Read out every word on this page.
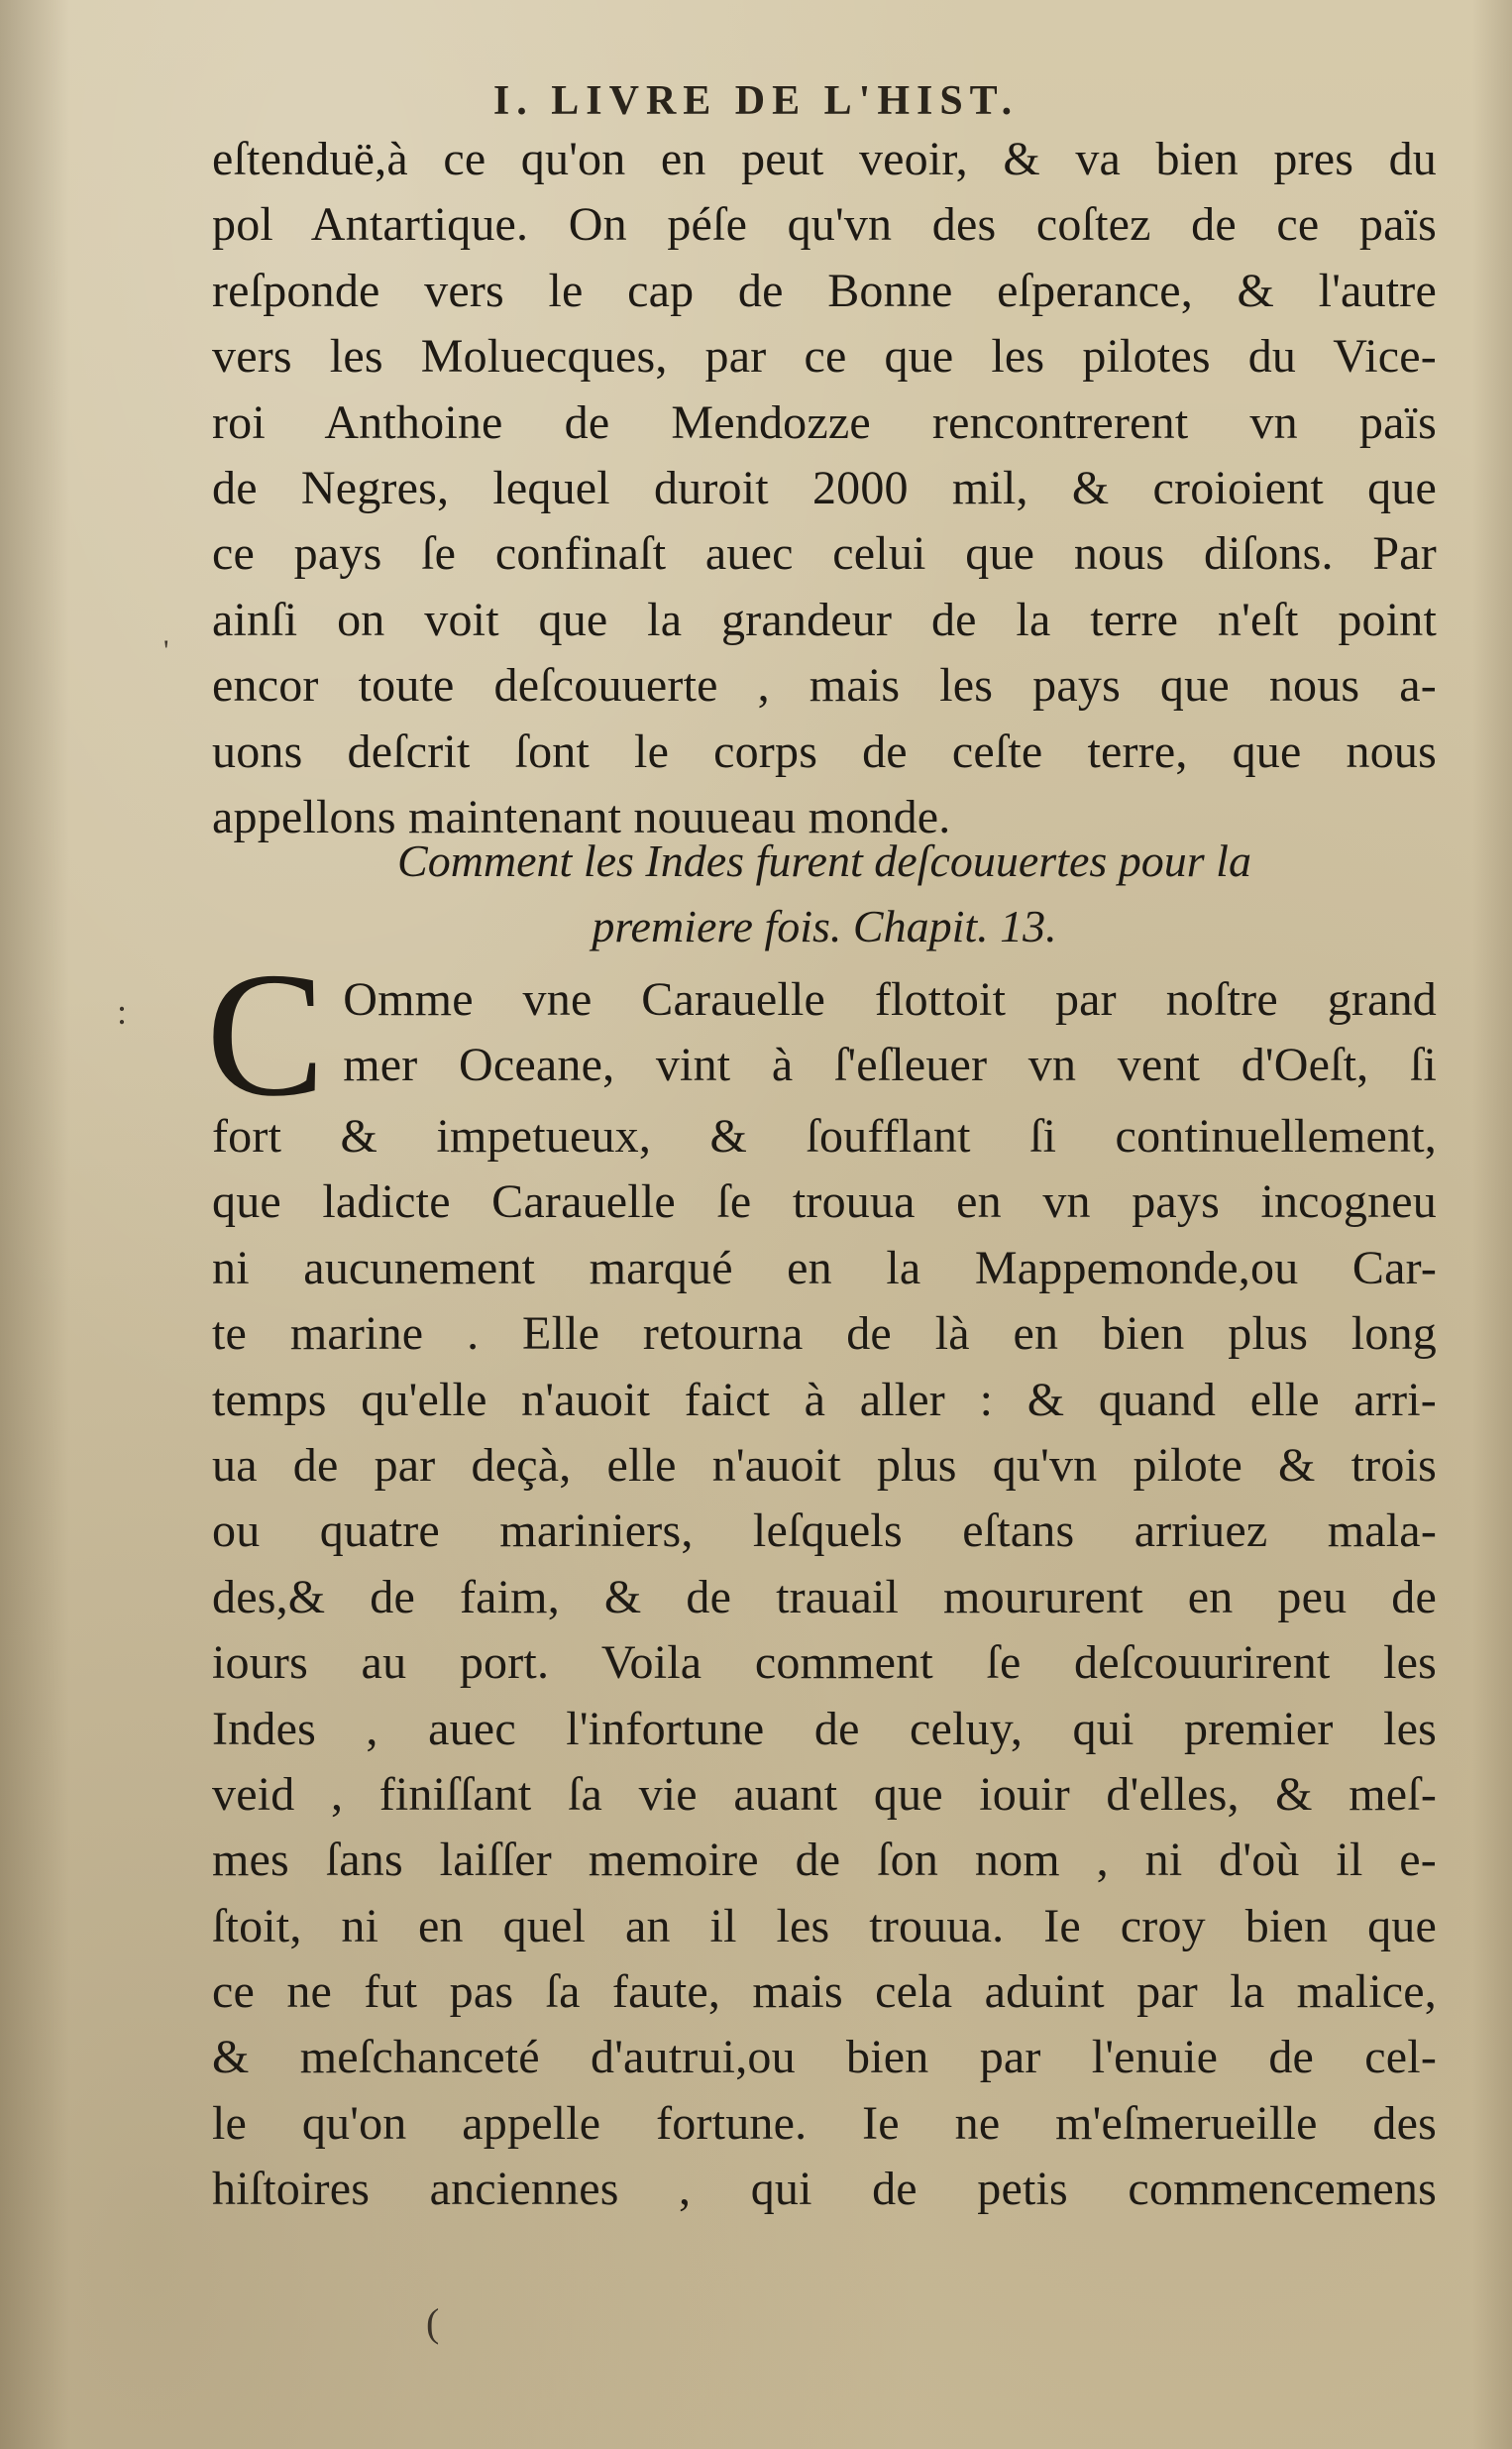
I. LIVRE DE L'HIST.
eſtenduë,à ce qu'on en peut veoir, & va bien pres du
pol Antartique. On péſe qu'vn des coſtez de ce païs
reſponde vers le cap de Bonne eſperance, & l'autre
vers les Moluecques, par ce que les pilotes du Vice-
roi Anthoine de Mendozze rencontrerent vn païs
de Negres, lequel duroit 2000 mil, & croioient que
ce pays ſe confinaſt auec celui que nous diſons. Par
ainſi on voit que la grandeur de la terre n'eſt point
encor toute deſcouuerte , mais les pays que nous a-
uons deſcrit ſont le corps de ceſte terre, que nous
appellons maintenant nouueau monde.
Comment les Indes furent deſcouuertes pour la
premiere fois. Chapit. 13.
C Omme vne Carauelle flottoit par noſtre grand
mer Oceane, vint à ſ'eſleuer vn vent d'Oeſt, ſi
fort & impetueux, & ſoufflant ſi continuellement,
que ladicte Carauelle ſe trouua en vn pays incogneu
ni aucunement marqué en la Mappemonde,ou Car-
te marine . Elle retourna de là en bien plus long
temps qu'elle n'auoit faict à aller : & quand elle arri-
ua de par deçà, elle n'auoit plus qu'vn pilote & trois
ou quatre mariniers, leſquels eſtans arriuez mala-
des,& de faim, & de trauail moururent en peu de
iours au port. Voila comment ſe deſcouurirent les
Indes , auec l'infortune de celuy, qui premier les
veid , finiſſant ſa vie auant que iouir d'elles, & meſ-
mes ſans laiſſer memoire de ſon nom , ni d'où il e-
ſtoit, ni en quel an il les trouua. Ie croy bien que
ce ne fut pas ſa faute, mais cela aduint par la malice,
& meſchanceté d'autrui,ou bien par l'enuie de cel-
le qu'on appelle fortune. Ie ne m'eſmerueille des
hiſtoires anciennes , qui de petis commencemens
:
'
(
